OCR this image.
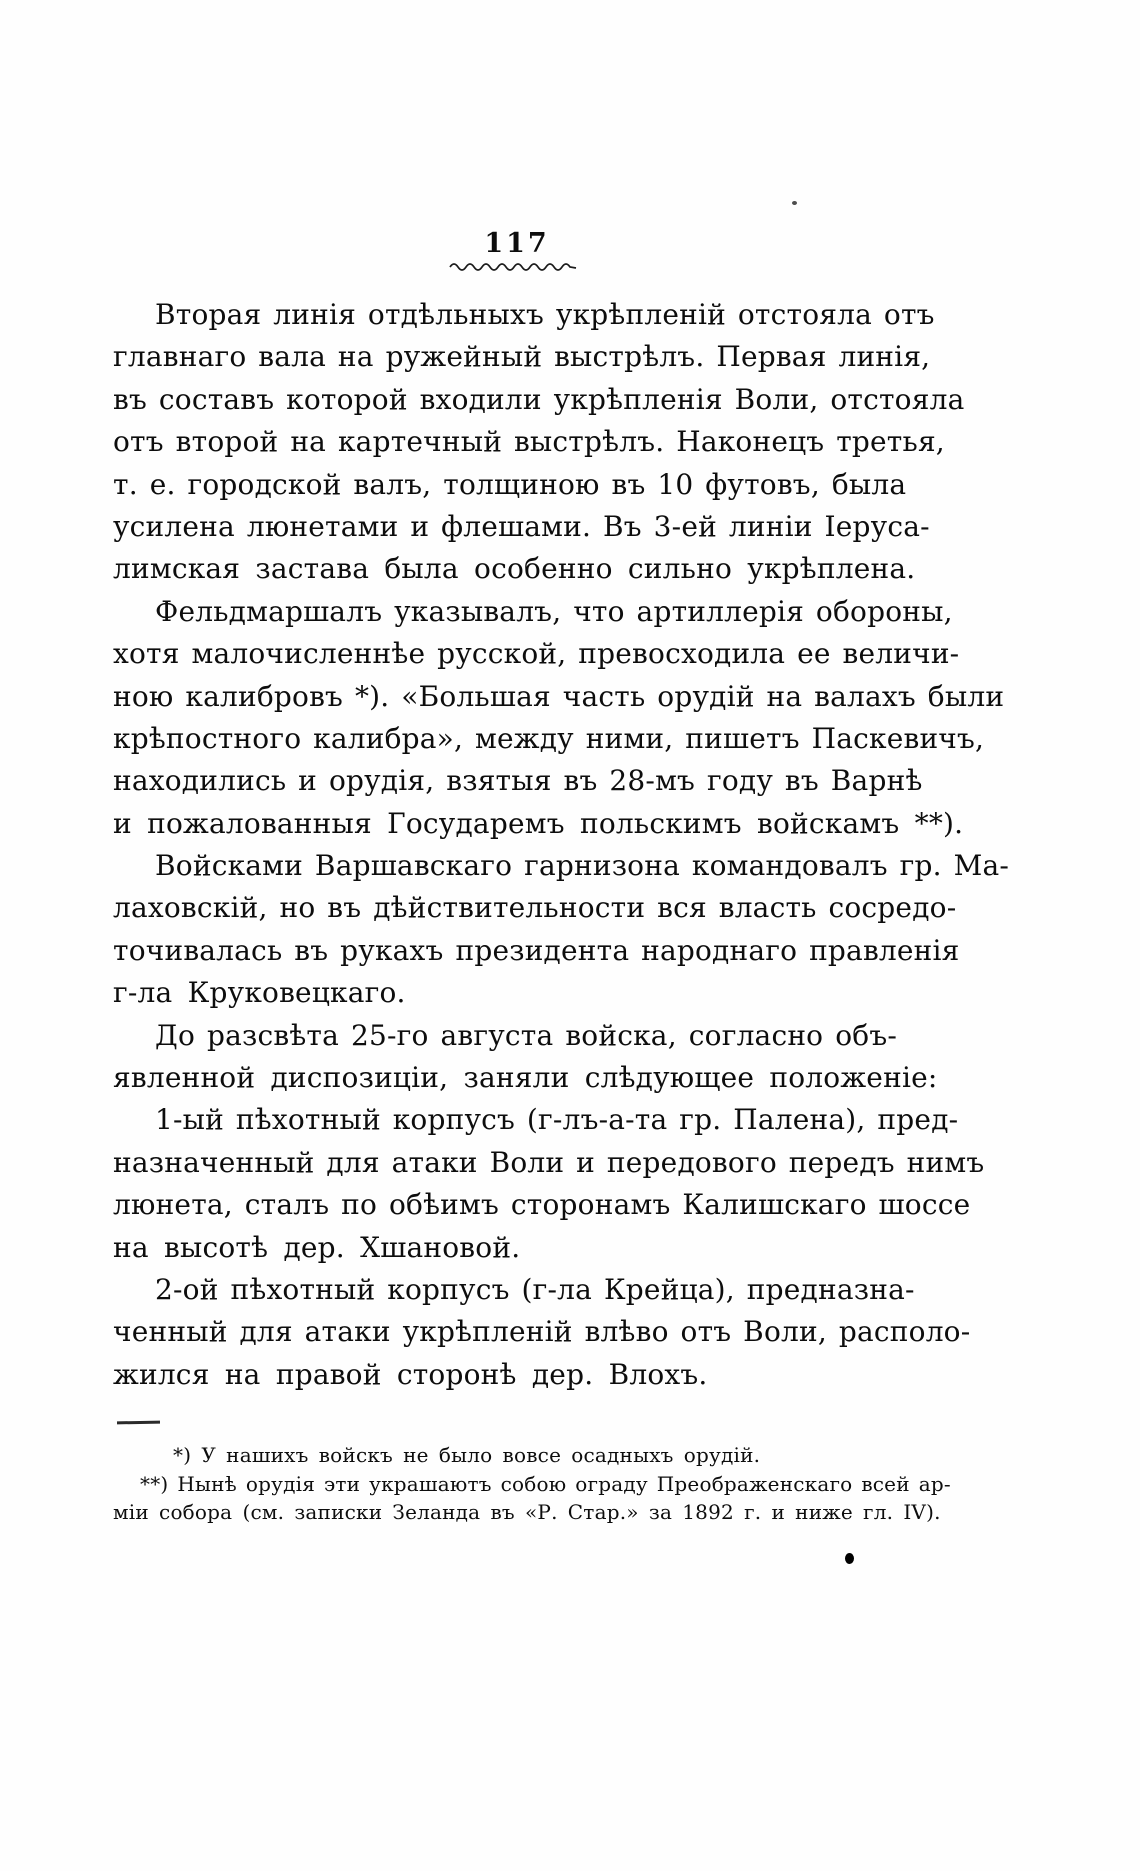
117
Вторая линія отдѣльныхъ укрѣпленій отстояла отъ
главнаго вала на ружейный выстрѣлъ. Первая линія,
въ составъ которой входили укрѣпленія Воли, отстояла
отъ второй на картечный выстрѣлъ. Наконецъ третья,
т. е. городской валъ, толщиною въ 10 футовъ, была
усилена люнетами и флешами. Въ 3-ей линіи Іеруса-
лимская застава была особенно сильно укрѣплена.
Фельдмаршалъ указывалъ, что артиллерія обороны,
хотя малочисленнѣе русской, превосходила ее величи-
ною калибровъ *). «Большая часть орудій на валахъ были
крѣпостного калибра», между ними, пишетъ Паскевичъ,
находились и орудія, взятыя въ 28-мъ году въ Варнѣ
и пожалованныя Государемъ польскимъ войскамъ **).
Войсками Варшавскаго гарнизона командовалъ гр. Ма-
лаховскій, но въ дѣйствительности вся власть сосредо-
точивалась въ рукахъ президента народнаго правленія
г-ла Круковецкаго.
До разсвѣта 25-го августа войска, согласно объ-
явленной диспозиціи, заняли слѣдующее положеніе:
1-ый пѣхотный корпусъ (г-лъ-а-та гр. Палена), пред-
назначенный для атаки Воли и передового передъ нимъ
люнета, сталъ по обѣимъ сторонамъ Калишскаго шоссе
на высотѣ дер. Хшановой.
2-ой пѣхотный корпусъ (г-ла Крейца), предназна-
ченный для атаки укрѣпленій влѣво отъ Воли, располо-
жился на правой сторонѣ дер. Влохъ.
*) У нашихъ войскъ не было вовсе осадныхъ орудій.
**) Нынѣ орудія эти украшаютъ собою ограду Преображенскаго всей ар-
міи собора (см. записки Зеланда въ «Р. Стар.» за 1892 г. и ниже гл. IV).
